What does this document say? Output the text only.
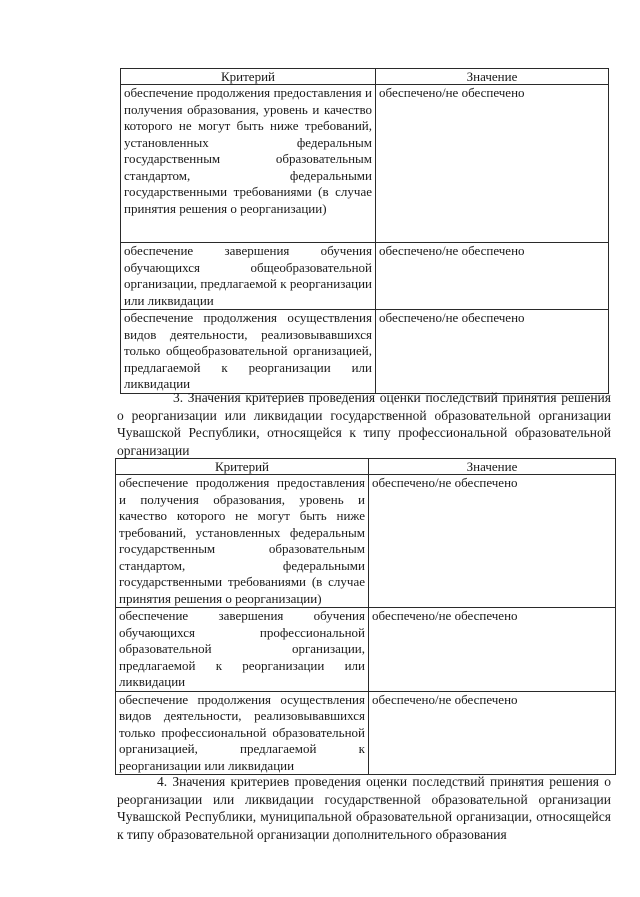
Критерий	Значение
обеспечение продолжения предоставления и получения образования, уровень и качество которого не могут быть ниже требований, установленных федеральным государственным образовательным стандартом, федеральными государственными требованиями (в случае принятия решения о реорганизации)	обеспечено/не обеспечено
обеспечение завершения обучения обучающихся общеобразовательной организации, предлагаемой к реорганизации или ликвидации	обеспечено/не обеспечено
обеспечение продолжения осуществления видов деятельности, реализовывавшихся только общеобразовательной организацией, предлагаемой к реорганизации или ликвидации	обеспечено/не обеспечено

3. Значения критериев проведения оценки последствий принятия решения о реорганизации или ликвидации государственной образовательной организации Чувашской Республики, относящейся к типу профессиональной образовательной организации

Критерий	Значение
обеспечение продолжения предоставления и получения образования, уровень и качество которого не могут быть ниже требований, установленных федеральным государственным образовательным стандартом, федеральными государственными требованиями (в случае принятия решения о реорганизации)	обеспечено/не обеспечено
обеспечение завершения обучения обучающихся профессиональной образовательной организации, предлагаемой к реорганизации или ликвидации	обеспечено/не обеспечено
обеспечение продолжения осуществления видов деятельности, реализовывавшихся только профессиональной образовательной организацией, предлагаемой к реорганизации или ликвидации	обеспечено/не обеспечено

4. Значения критериев проведения оценки последствий принятия решения о реорганизации или ликвидации государственной образовательной организации Чувашской Республики, муниципальной образовательной организации, относящейся к типу образовательной организации дополнительного образования
